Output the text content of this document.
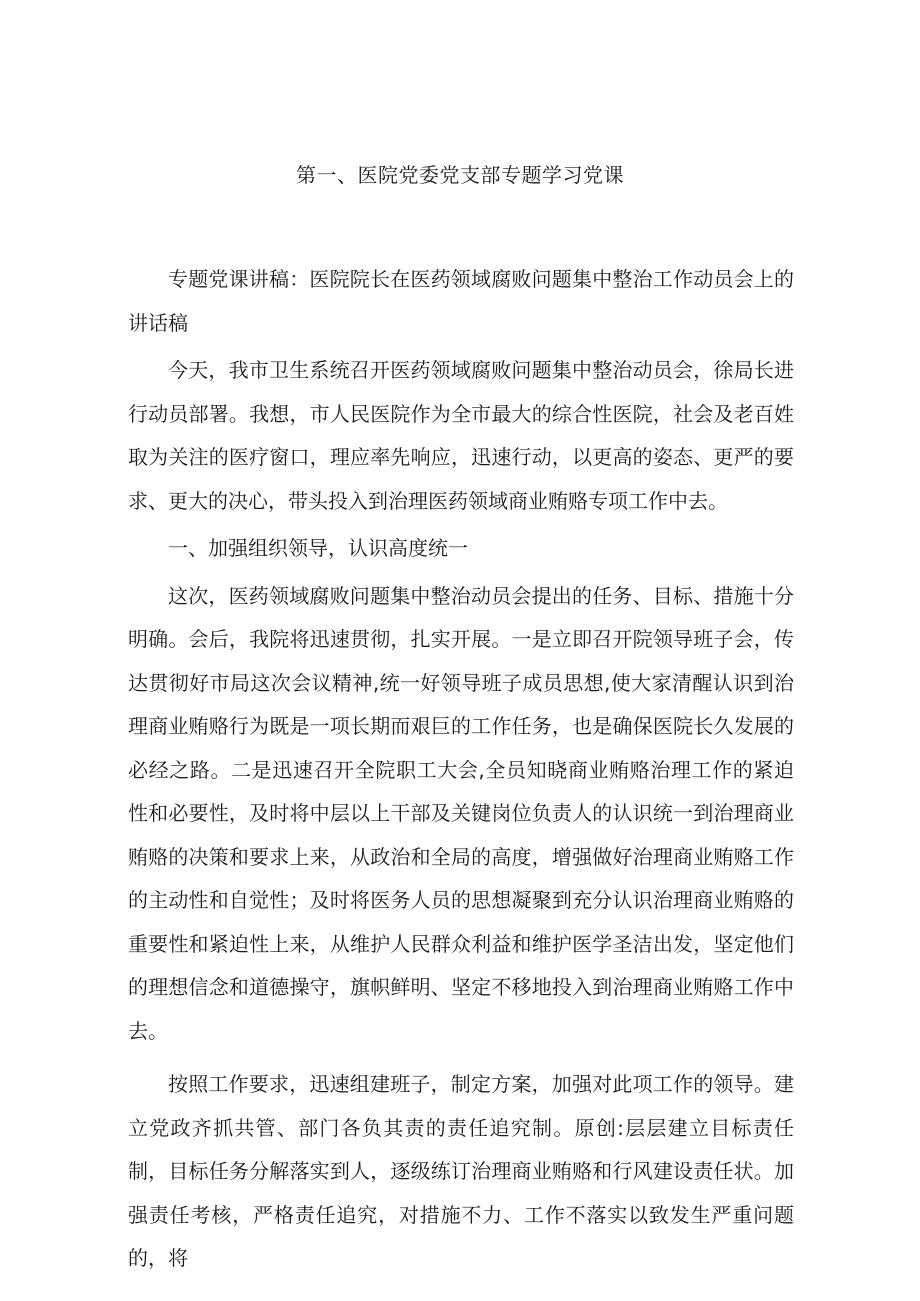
第一、医院党委党支部专题学习党课

专题党课讲稿：医院院长在医药领域腐败问题集中整治工作动员会上的讲话稿

今天，我市卫生系统召开医药领域腐败问题集中整治动员会，徐局长进行动员部署。我想，市人民医院作为全市最大的综合性医院，社会及老百姓取为关注的医疗窗口，理应率先响应，迅速行动，以更高的姿态、更严的要求、更大的决心，带头投入到治理医药领域商业贿赂专项工作中去。

一、加强组织领导，认识高度统一

这次，医药领域腐败问题集中整治动员会提出的任务、目标、措施十分明确。会后，我院将迅速贯彻，扎实开展。一是立即召开院领导班子会，传达贯彻好市局这次会议精神,统一好领导班子成员思想,使大家清醒认识到治理商业贿赂行为既是一项长期而艰巨的工作任务，也是确保医院长久发展的必经之路。二是迅速召开全院职工大会,全员知晓商业贿赂治理工作的紧迫性和必要性，及时将中层以上干部及关键岗位负责人的认识统一到治理商业贿赂的决策和要求上来，从政治和全局的高度，增强做好治理商业贿赂工作的主动性和自觉性；及时将医务人员的思想凝聚到充分认识治理商业贿赂的重要性和紧迫性上来，从维护人民群众利益和维护医学圣洁出发，坚定他们的理想信念和道德操守，旗帜鲜明、坚定不移地投入到治理商业贿赂工作中去。

按照工作要求，迅速组建班子，制定方案，加强对此项工作的领导。建立党政齐抓共管、部门各负其责的责任追究制。原创:层层建立目标责任制，目标任务分解落实到人，逐级练订治理商业贿赂和行风建设责任状。加强责任考核，严格责任追究，对措施不力、工作不落实以致发生严重问题的，将
